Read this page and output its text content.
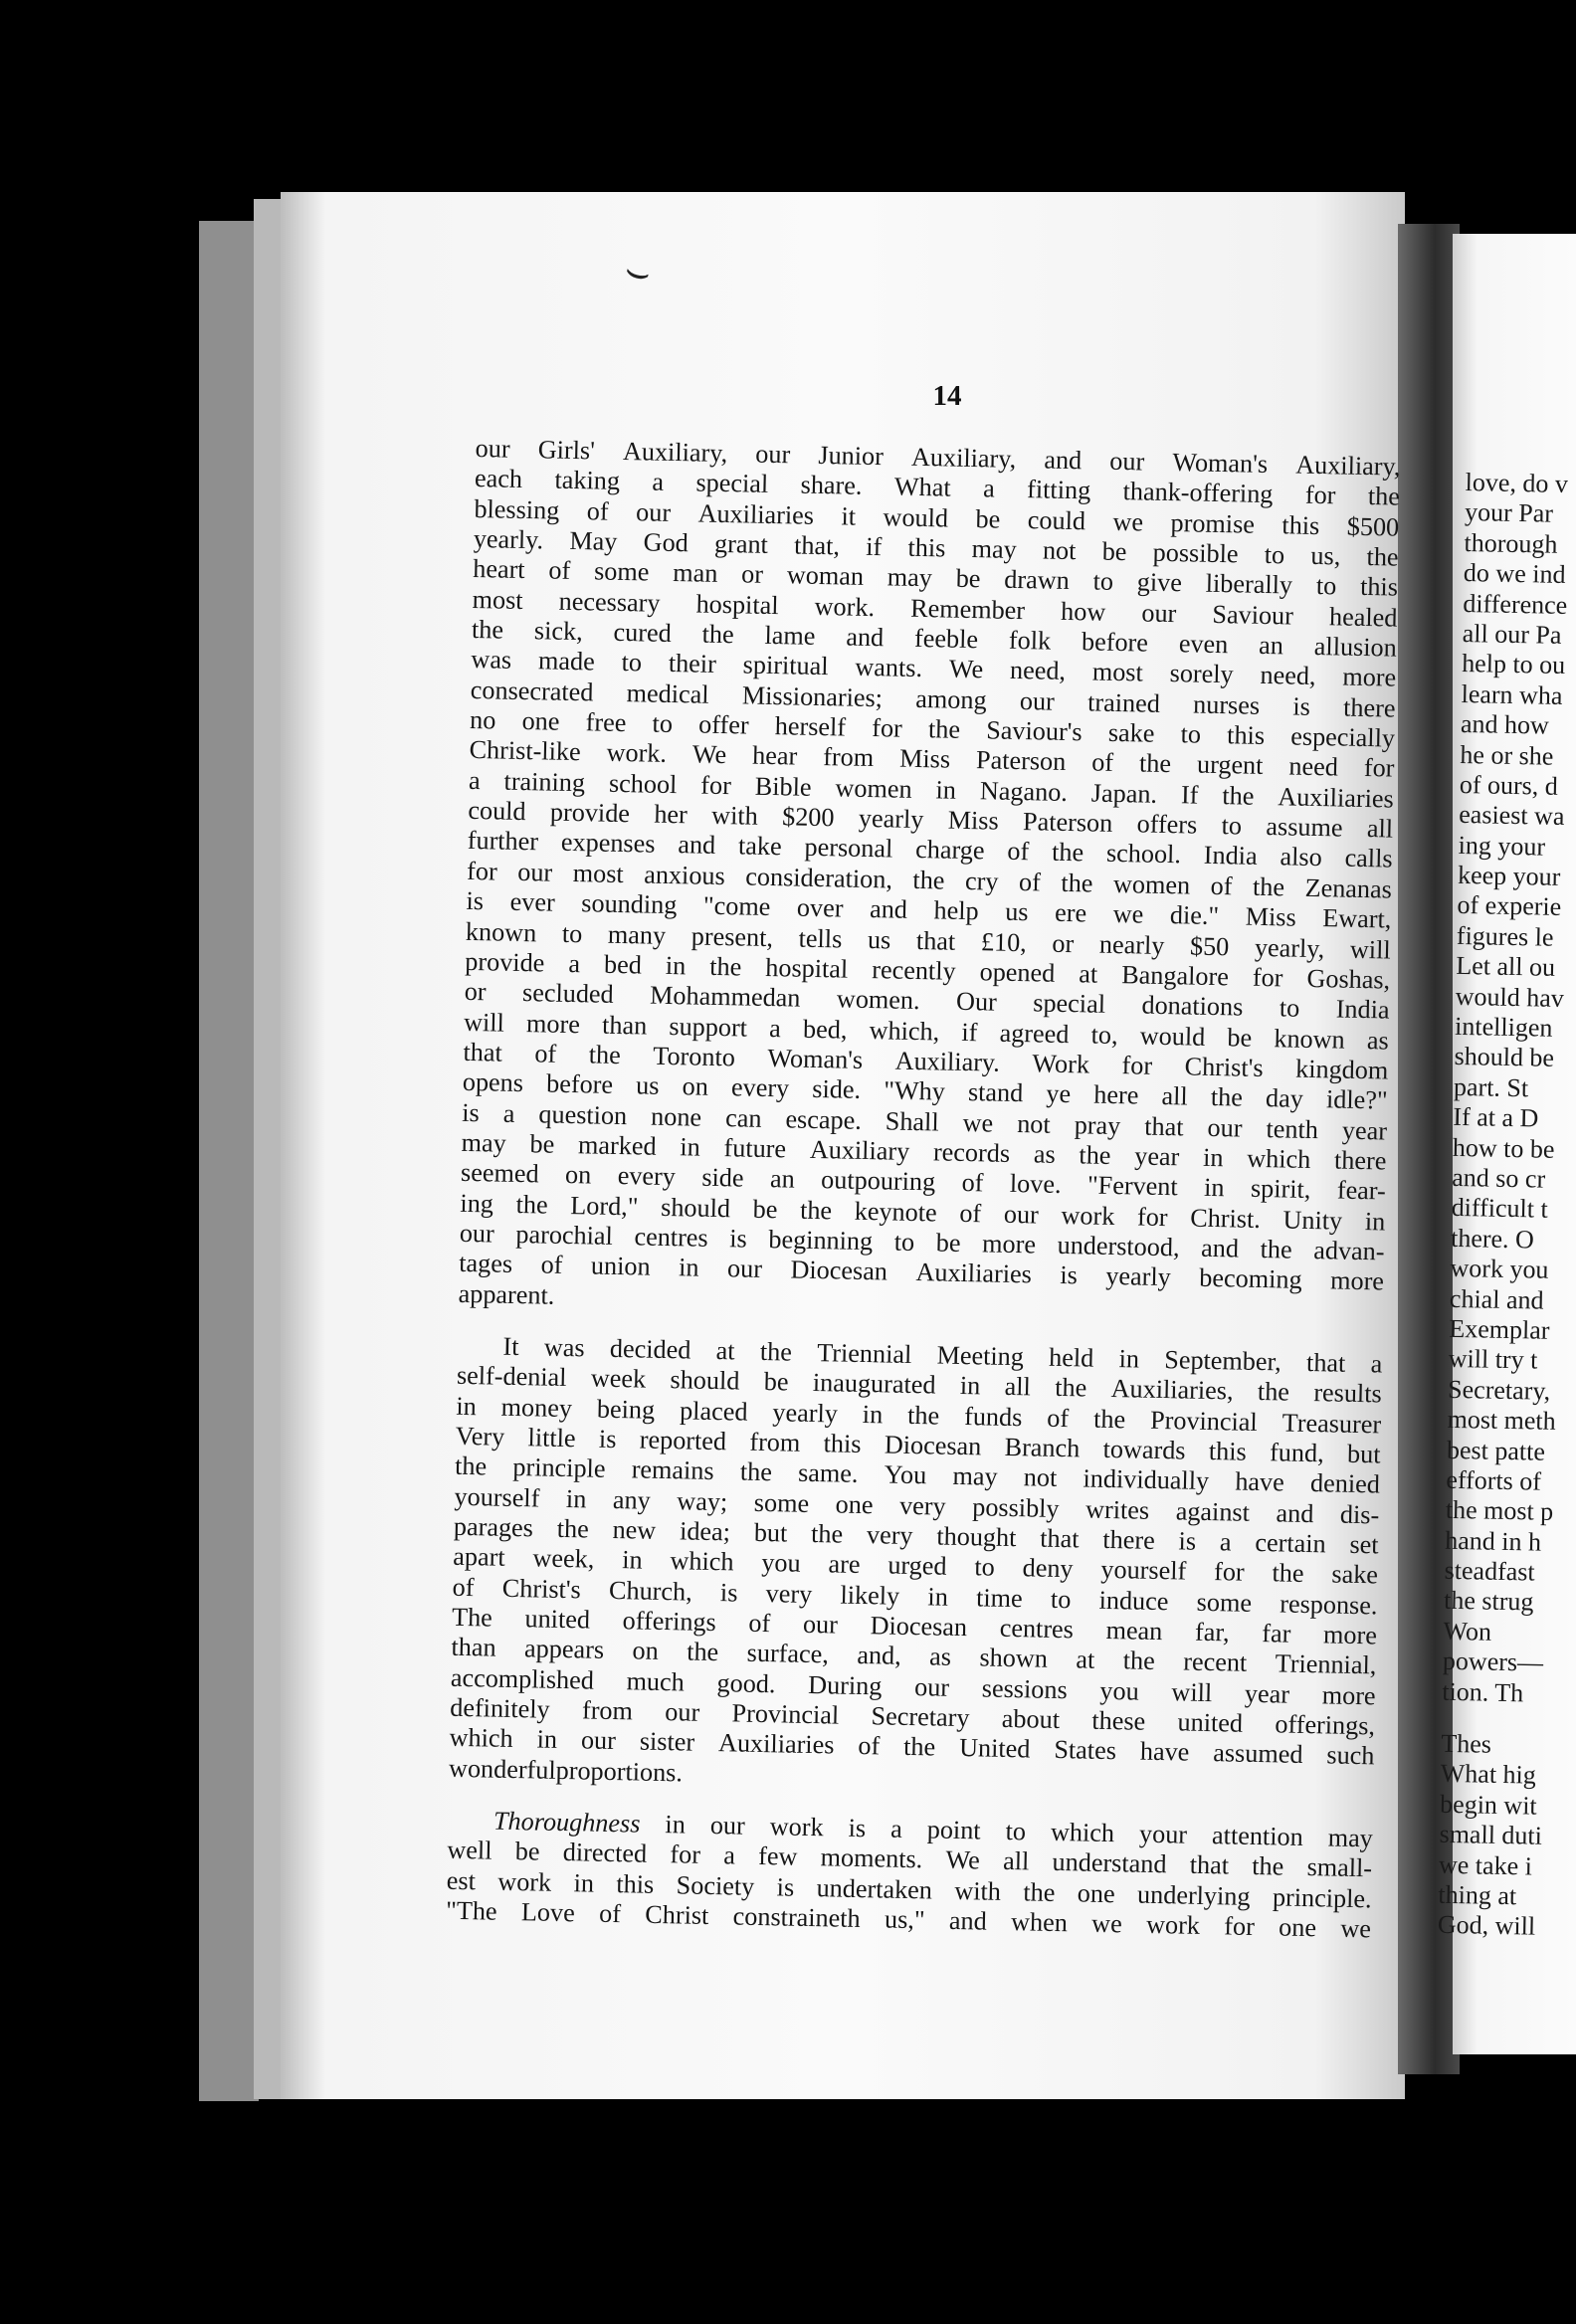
⌣
14
our Girls' Auxiliary, our Junior Auxiliary, and our Woman's Auxiliary,
each taking a special share. What a fitting thank-offering for the
blessing of our Auxiliaries it would be could we promise this $500
yearly. May God grant that, if this may not be possible to us, the
heart of some man or woman may be drawn to give liberally to this
most necessary hospital work. Remember how our Saviour healed
the sick, cured the lame and feeble folk before even an allusion
was made to their spiritual wants. We need, most sorely need, more
consecrated medical Missionaries; among our trained nurses is there
no one free to offer herself for the Saviour's sake to this especially
Christ-like work. We hear from Miss Paterson of the urgent need for
a training school for Bible women in Nagano. Japan. If the Auxiliaries
could provide her with $200 yearly Miss Paterson offers to assume all
further expenses and take personal charge of the school. India also calls
for our most anxious consideration, the cry of the women of the Zenanas
is ever sounding "come over and help us ere we die." Miss Ewart,
known to many present, tells us that £10, or nearly $50 yearly, will
provide a bed in the hospital recently opened at Bangalore for Goshas,
or secluded Mohammedan women. Our special donations to India
will more than support a bed, which, if agreed to, would be known as
that of the Toronto Woman's Auxiliary. Work for Christ's kingdom
opens before us on every side. "Why stand ye here all the day idle?"
is a question none can escape. Shall we not pray that our tenth year
may be marked in future Auxiliary records as the year in which there
seemed on every side an outpouring of love. "Fervent in spirit, fear-
ing the Lord," should be the keynote of our work for Christ. Unity in
our parochial centres is beginning to be more understood, and the advan-
tages of union in our Diocesan Auxiliaries is yearly becoming more
apparent.
It was decided at the Triennial Meeting held in September, that a
self-denial week should be inaugurated in all the Auxiliaries, the results
in money being placed yearly in the funds of the Provincial Treasurer
Very little is reported from this Diocesan Branch towards this fund, but
the principle remains the same. You may not individually have denied
yourself in any way; some one very possibly writes against and dis-
parages the new idea; but the very thought that there is a certain set
apart week, in which you are urged to deny yourself for the sake
of Christ's Church, is very likely in time to induce some response.
The united offerings of our Diocesan centres mean far, far more
than appears on the surface, and, as shown at the recent Triennial,
accomplished much good. During our sessions you will year more
definitely from our Provincial Secretary about these united offerings,
which in our sister Auxiliaries of the United States have assumed such
wonderful proportions.
Thoroughness in our work is a point to which your attention may
well be directed for a few moments. We all understand that the small-
est work in this Society is undertaken with the one underlying principle.
"The Love of Christ constraineth us," and when we work for one we
love, do v
your Par
thorough
do we ind
difference
all our Pa
help to ou
learn wha
and how
he or she
of ours, d
easiest wa
ing your
keep your
of experie
figures le
Let all ou
would hav
intelligen
should be
part. St
If at a D
how to be
and so cr
difficult t
there. O
work you
chial and
Exemplar
will try t
Secretary,
most meth
best patte
efforts of
the most p
hand in h
steadfast
the strug
Won
powers—
tion. Th
Thes
What hig
begin wit
small duti
we take i
thing at
God, will
